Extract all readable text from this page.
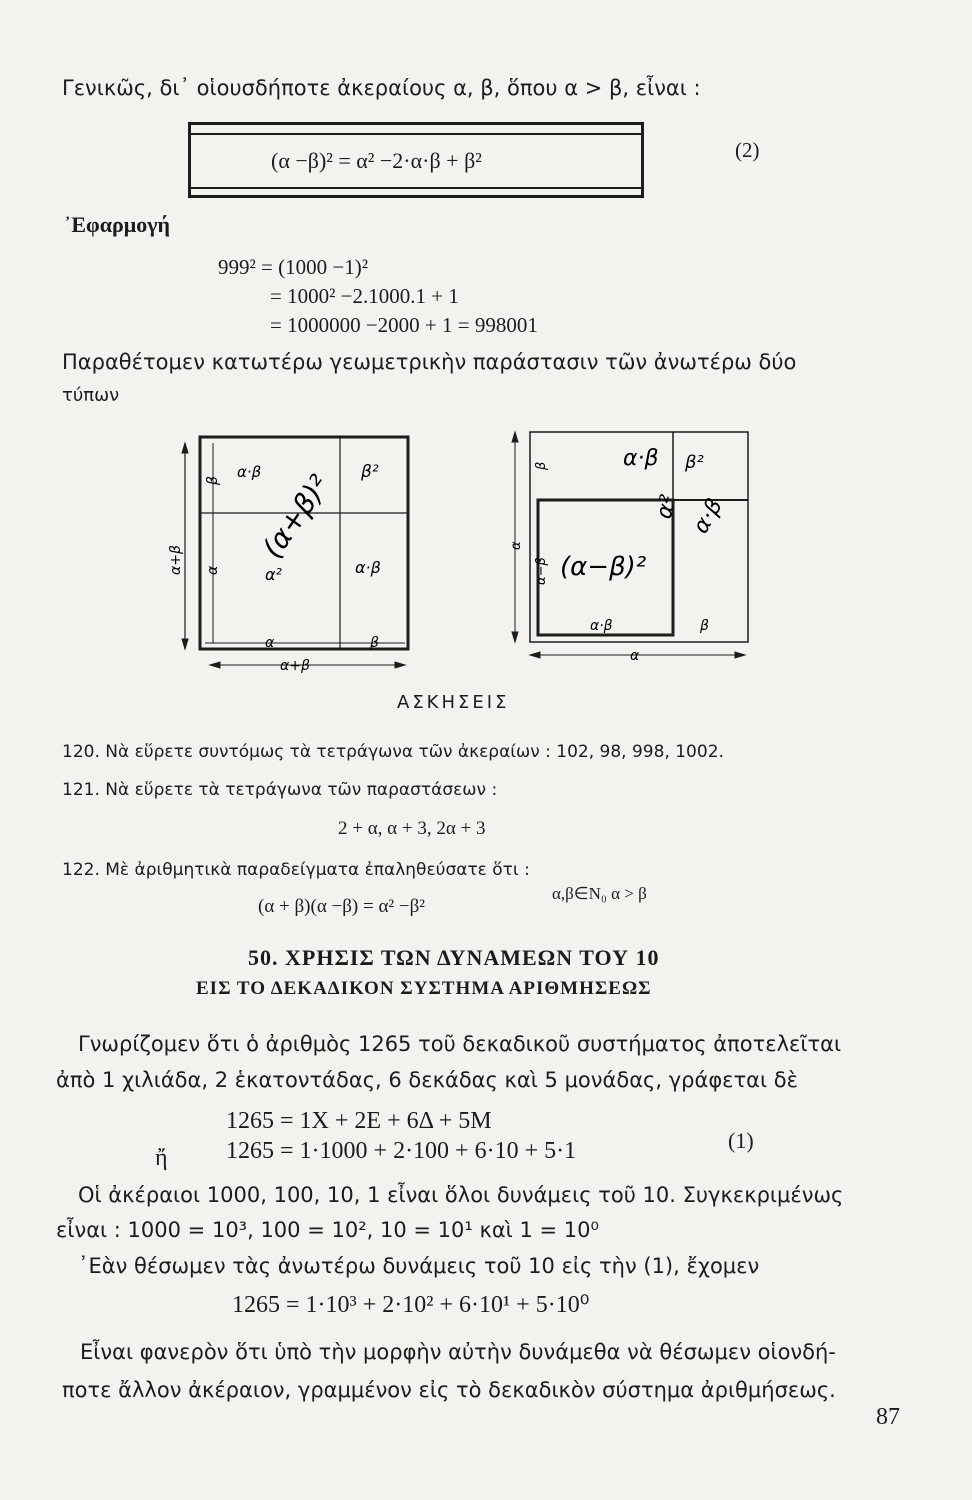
Γενικῶς, δι᾽ οἱουσδήποτε ἀκεραίους α, β, ὅπου α > β, εἶναι :
(α −β)² = α² −2·α·β + β²	(2)
᾿Εφαρμογή
999² = (1000 −1)²
= 1000² −2.1000.1 + 1
= 1000000 −2000 + 1 = 998001
Παραθέτομεν κατωτέρω γεωμετρικὴν παράστασιν τῶν ἀνωτέρω δύο
τύπων
α·β	β²
(α+β)²
α²	α·β
α+β α
β
α	β
α+β
α·β β²
α² α·β
(α−β)²
β
α
α−β
α·β	β
α
ΑΣΚΗΣΕΙΣ
120. Νὰ εὕρετε συντόμως τὰ τετράγωνα τῶν ἀκεραίων : 102, 98, 998, 1002.
121. Νὰ εὕρετε τὰ τετράγωνα τῶν παραστάσεων :
2 + α, α + 3, 2α + 3
122. Μὲ ἀριθμητικὰ παραδείγματα ἐπαληθεύσατε ὅτι :
(α + β)(α −β) = α² −β²
α,β∈N₀ α > β
50. ΧΡΗΣΙΣ ΤΩΝ ΔΥΝΑΜΕΩΝ ΤΟΥ 10
ΕΙΣ ΤΟ ΔΕΚΑΔΙΚΟΝ ΣΥΣΤΗΜΑ ΑΡΙΘΜΗΣΕΩΣ
Γνωρίζομεν ὅτι ὁ ἀριθμὸς 1265 τοῦ δεκαδικοῦ συστήματος ἀποτελεῖται
ἀπὸ 1 χιλιάδα, 2 ἑκατοντάδας, 6 δεκάδας καὶ 5 μονάδας, γράφεται δὲ
1265 = 1X + 2E + 6Δ + 5M
ἤ 1265 = 1·1000 + 2·100 + 6·10 + 5·1	(1)
Οἱ ἀκέραιοι 1000, 100, 10, 1 εἶναι ὅλοι δυνάμεις τοῦ 10. Συγκεκριμένως
εἶναι : 1000 = 10³, 100 = 10², 10 = 10¹ καὶ 1 = 10⁰
᾿Εὰν θέσωμεν τὰς ἀνωτέρω δυνάμεις τοῦ 10 εἰς τὴν (1), ἔχομεν
1265 = 1·10³ + 2·10² + 6·10¹ + 5·10⁰
Εἶναι φανερὸν ὅτι ὑπὸ τὴν μορφὴν αὐτὴν δυνάμεθα νὰ θέσωμεν οἱονδή-
ποτε ἄλλον ἀκέραιον, γραμμένον εἰς τὸ δεκαδικὸν σύστημα ἀριθμήσεως.
87
